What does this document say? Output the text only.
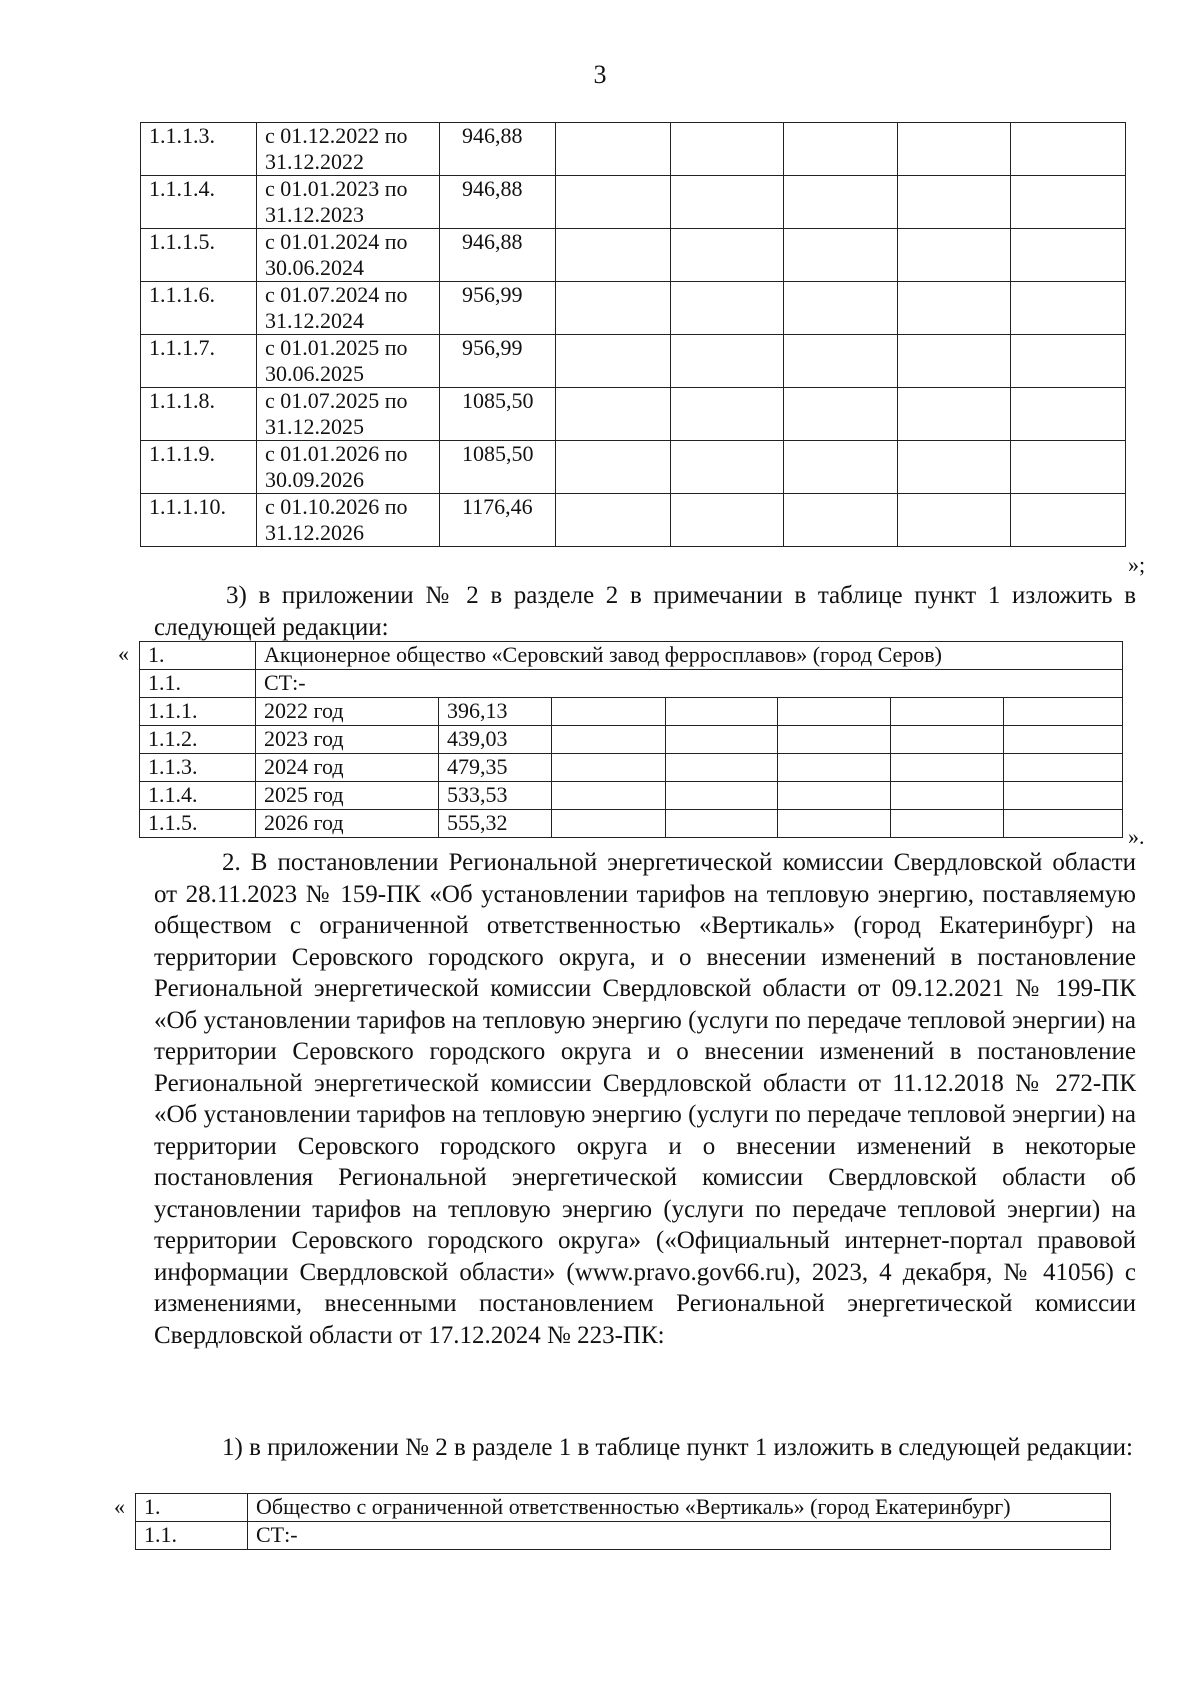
3
1.1.1.3.	с 01.12.2022 по 31.12.2022	946,88					
1.1.1.4.	с 01.01.2023 по 31.12.2023	946,88					
1.1.1.5.	с 01.01.2024 по 30.06.2024	946,88					
1.1.1.6.	с 01.07.2024 по 31.12.2024	956,99					
1.1.1.7.	с 01.01.2025 по 30.06.2025	956,99					
1.1.1.8.	с 01.07.2025 по 31.12.2025	1085,50					
1.1.1.9.	с 01.01.2026 по 30.09.2026	1085,50					
1.1.1.10.	с 01.10.2026 по 31.12.2026	1176,46					
»;
3) в приложении № 2 в разделе 2 в примечании в таблице пункт 1 изложить в следующей редакции:
« 1.	Акционерное общество «Серовский завод ферросплавов» (город Серов)						
1.1.	СТ:-						
1.1.1.	2022 год	396,13					
1.1.2.	2023 год	439,03					
1.1.3.	2024 год	479,35					
1.1.4.	2025 год	533,53					
1.1.5.	2026 год	555,32					
».
2. В постановлении Региональной энергетической комиссии Свердловской области от 28.11.2023 № 159-ПК «Об установлении тарифов на тепловую энергию, поставляемую обществом с ограниченной ответственностью «Вертикаль» (город Екатеринбург) на территории Серовского городского округа, и о внесении изменений в постановление Региональной энергетической комиссии Свердловской области от 09.12.2021 № 199-ПК «Об установлении тарифов на тепловую энергию (услуги по передаче тепловой энергии) на территории Серовского городского округа и о внесении изменений в постановление Региональной энергетической комиссии Свердловской области от 11.12.2018 № 272-ПК «Об установлении тарифов на тепловую энергию (услуги по передаче тепловой энергии) на территории Серовского городского округа и о внесении изменений в некоторые постановления Региональной энергетической комиссии Свердловской области об установлении тарифов на тепловую энергию (услуги по передаче тепловой энергии) на территории Серовского городского округа» («Официальный интернет-портал правовой информации Свердловской области» (www.pravo.gov66.ru), 2023, 4 декабря, № 41056) с изменениями, внесенными постановлением Региональной энергетической комиссии Свердловской области от 17.12.2024 № 223-ПК:
1) в приложении № 2 в разделе 1 в таблице пункт 1 изложить в следующей редакции:
« 1.	Общество с ограниченной ответственностью «Вертикаль» (город Екатеринбург)
1.1.	СТ:-
